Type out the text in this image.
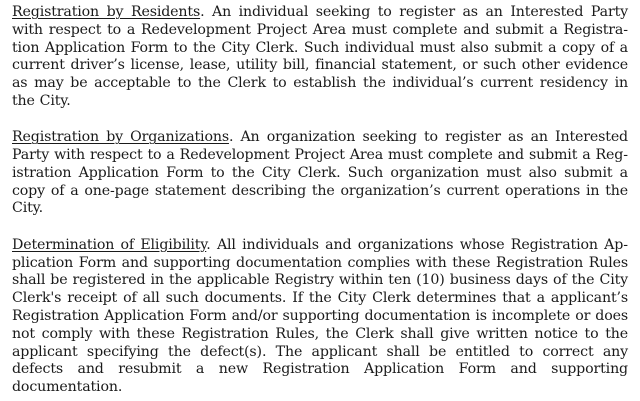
Registration by Residents. An individual seeking to register as an Interested Party with respect to a Redevelopment Project Area must complete and submit a Registration Application Form to the City Clerk. Such individual must also submit a copy of a current driver’s license, lease, utility bill, financial statement, or such other evidence as may be acceptable to the Clerk to establish the individual’s current residency in the City.

Registration by Organizations. An organization seeking to register as an Interested Party with respect to a Redevelopment Project Area must complete and submit a Registration Application Form to the City Clerk. Such organization must also submit a copy of a one-page statement describing the organization’s current operations in the City.

Determination of Eligibility. All individuals and organizations whose Registration Application Form and supporting documentation complies with these Registration Rules shall be registered in the applicable Registry within ten (10) business days of the City Clerk's receipt of all such documents. If the City Clerk determines that a applicant’s Registration Application Form and/or supporting documentation is incomplete or does not comply with these Registration Rules, the Clerk shall give written notice to the applicant specifying the defect(s). The applicant shall be entitled to correct any defects and resubmit a new Registration Application Form and supporting documentation.
